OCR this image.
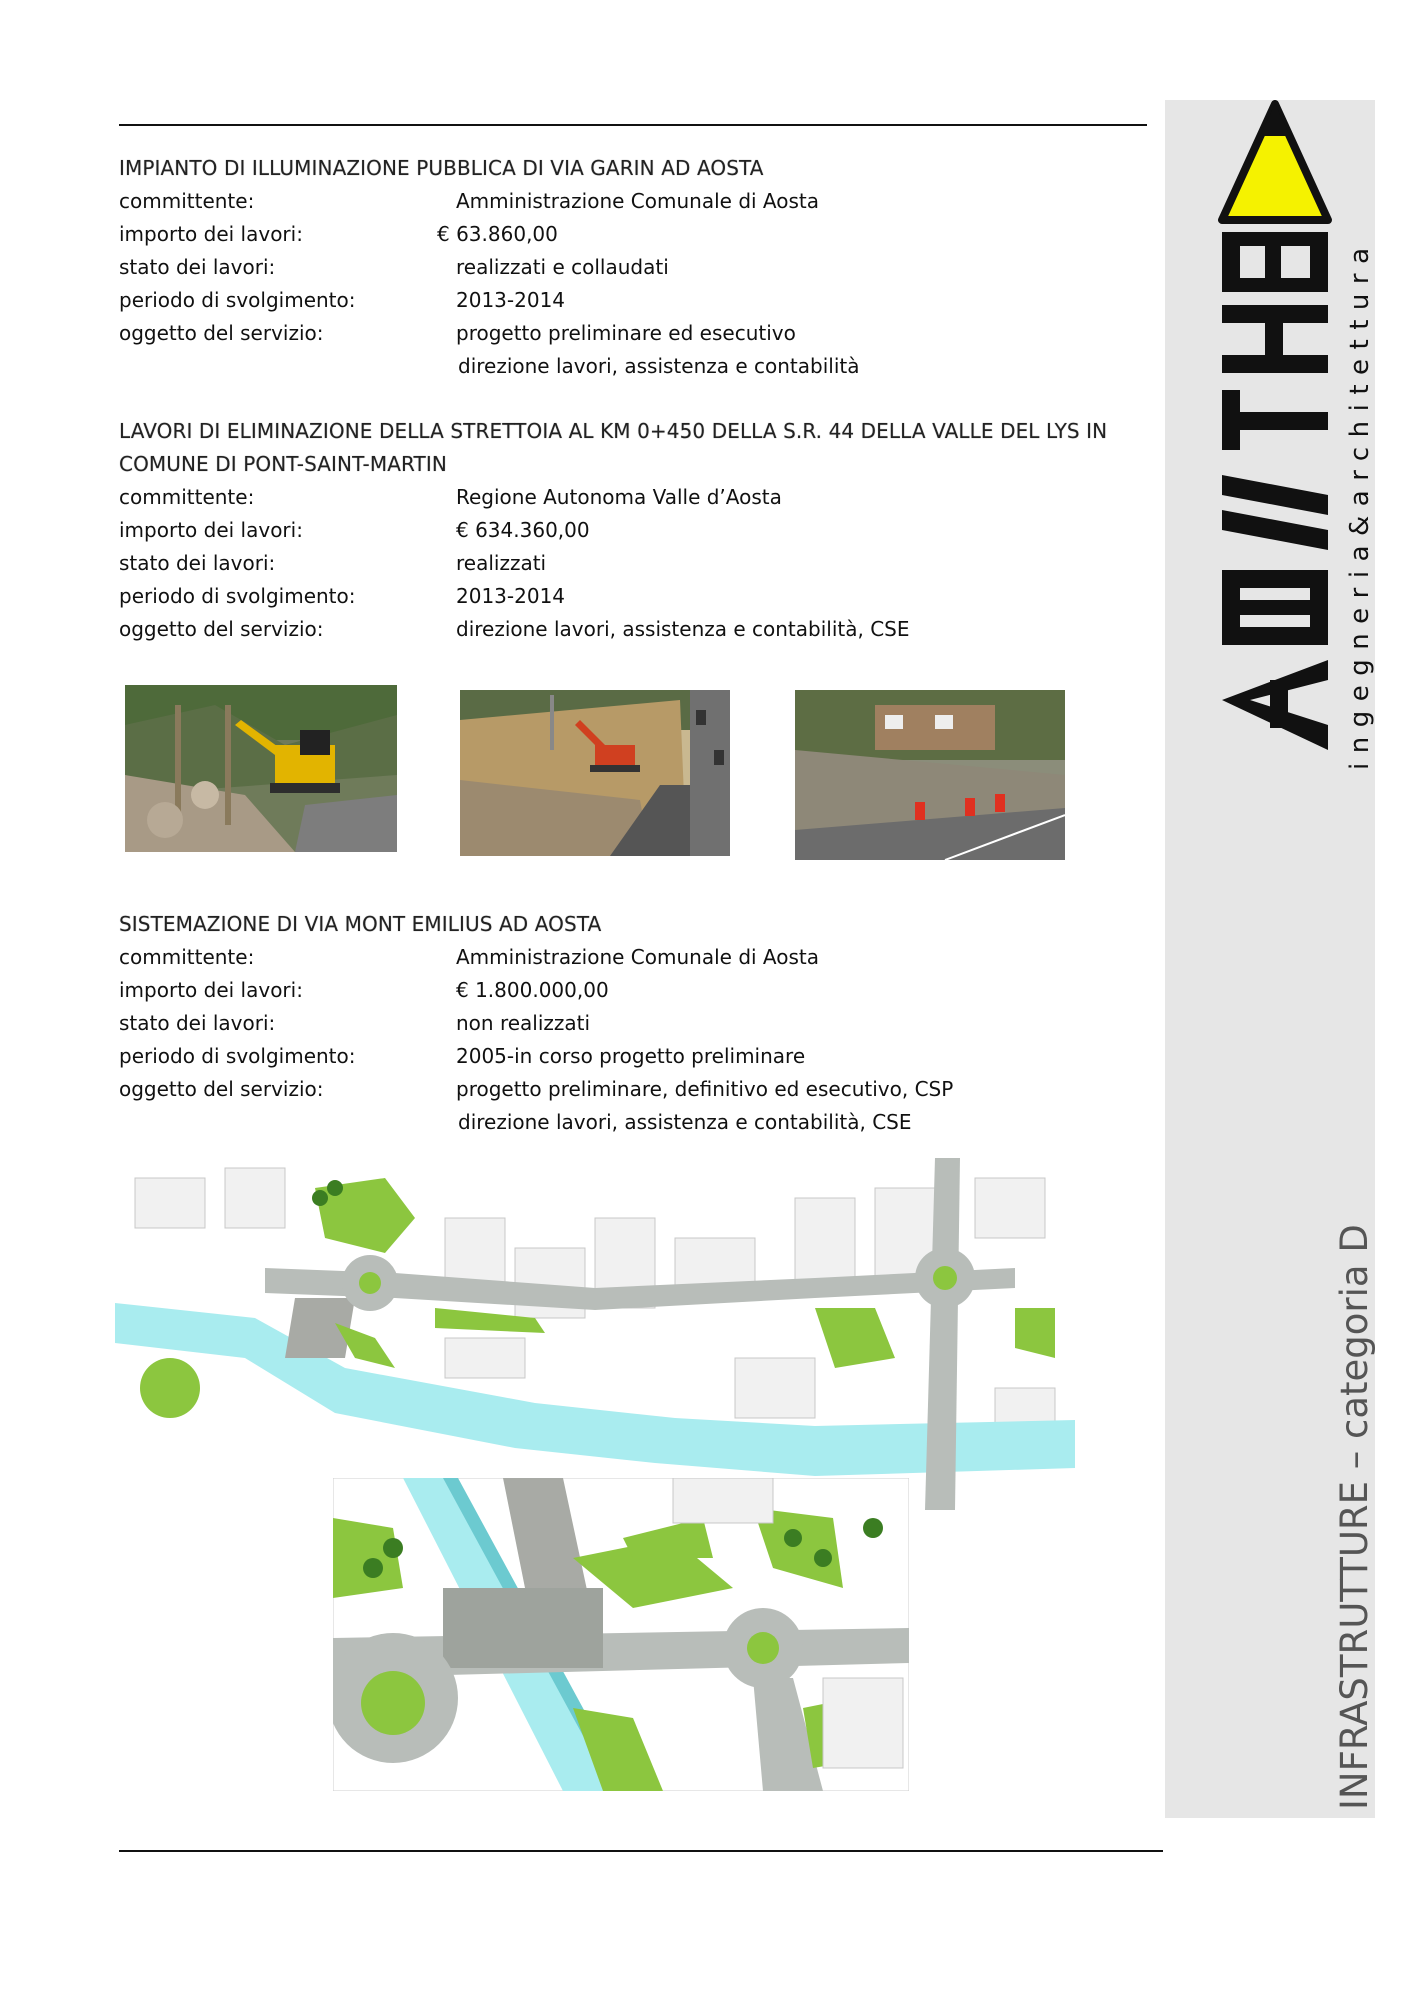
INFRASTRUTTURE – categoria D
ingegneria&architettura
IMPIANTO DI ILLUMINAZIONE PUBBLICA DI VIA GARIN AD AOSTA
committente:	Amministrazione Comunale di Aosta
importo dei lavori:	€ 63.860,00
stato dei lavori:	realizzati e collaudati
periodo di svolgimento:	2013-2014
oggetto del servizio:	progetto preliminare ed esecutivo
direzione lavori, assistenza e contabilità
LAVORI DI ELIMINAZIONE DELLA STRETTOIA AL KM 0+450 DELLA S.R. 44 DELLA VALLE DEL LYS IN
COMUNE DI PONT-SAINT-MARTIN
committente:	Regione Autonoma Valle d’Aosta
importo dei lavori:	€ 634.360,00
stato dei lavori:	realizzati
periodo di svolgimento:	2013-2014
oggetto del servizio:	direzione lavori, assistenza e contabilità, CSE
SISTEMAZIONE DI VIA MONT EMILIUS AD AOSTA
committente:	Amministrazione Comunale di Aosta
importo dei lavori:	€ 1.800.000,00
stato dei lavori:	non realizzati
periodo di svolgimento:	2005-in corso progetto preliminare
oggetto del servizio:	progetto preliminare, definitivo ed esecutivo, CSP
direzione lavori, assistenza e contabilità, CSE
